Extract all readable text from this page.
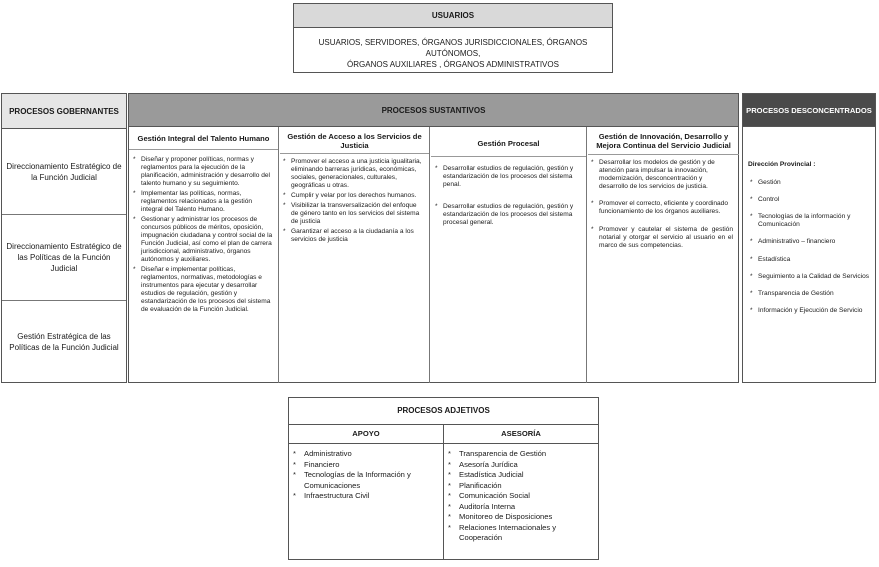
USUARIOS
USUARIOS, SERVIDORES, ÓRGANOS JURISDICCIONALES, ÓRGANOS AUTÓNOMOS,
ÓRGANOS AUXILIARES , ÓRGANOS ADMINISTRATIVOS
PROCESOS GOBERNANTES
Direccionamiento Estratégico de la Función Judicial
Direccionamiento Estratégico de las Políticas de la Función Judicial
Gestión Estratégica de las Políticas de la Función Judicial
PROCESOS SUSTANTIVOS
Gestión Integral del Talento Humano
* Diseñar y proponer políticas, normas y reglamentos para la ejecución de la planificación, administración y desarrollo del talento humano y su seguimiento.
* Implementar las políticas, normas, reglamentos relacionados a la gestión integral del Talento Humano.
* Gestionar y administrar los procesos de concursos públicos de méritos, oposición, impugnación ciudadana y control social de la Función Judicial, así como el plan de carrera jurisdiccional, administrativo, órganos autónomos y auxiliares.
* Diseñar e implementar políticas, reglamentos, normativas, metodologías e instrumentos para ejecutar y desarrollar estudios de regulación, gestión y estandarización de los procesos del sistema de evaluación de la Función Judicial.
Gestión de Acceso a los Servicios de Justicia
* Promover el acceso a una justicia igualitaria, eliminando barreras jurídicas, económicas, sociales, generacionales, culturales, geográficas u otras.
* Cumplir y velar por los derechos humanos.
* Visibilizar la transversalización del enfoque de género tanto en los servicios del sistema de justicia
* Garantizar el acceso a la ciudadanía a los servicios de justicia
Gestión Procesal
* Desarrollar estudios de regulación, gestión y estandarización de los procesos del sistema penal.
* Desarrollar estudios de regulación, gestión y estandarización de los procesos del sistema procesal general.
Gestión de Innovación, Desarrollo y Mejora Continua del Servicio Judicial
* Desarrollar los modelos de gestión y de atención para impulsar la innovación, modernización, desconcentración y desarrollo de los servicios de justicia.
* Promover el correcto, eficiente y coordinado funcionamiento de los órganos auxiliares.
* Promover y cautelar el sistema de gestión notarial y otorgar el servicio al usuario en el marco de sus competencias.
PROCESOS DESCONCENTRADOS
Dirección Provincial :
* Gestión
* Control
* Tecnologías de la información y Comunicación
* Administrativo – financiero
* Estadística
* Seguimiento a la Calidad de Servicios
* Transparencia de Gestión
* Información y Ejecución de Servicio
PROCESOS ADJETIVOS
APOYO
* Administrativo
* Financiero
* Tecnologías de la Información y Comunicaciones
* Infraestructura Civil
ASESORÍA
* Transparencia de Gestión
* Asesoría Jurídica
* Estadística Judicial
* Planificación
* Comunicación Social
* Auditoría Interna
* Monitoreo de Disposiciones
* Relaciones Internacionales y Cooperación
